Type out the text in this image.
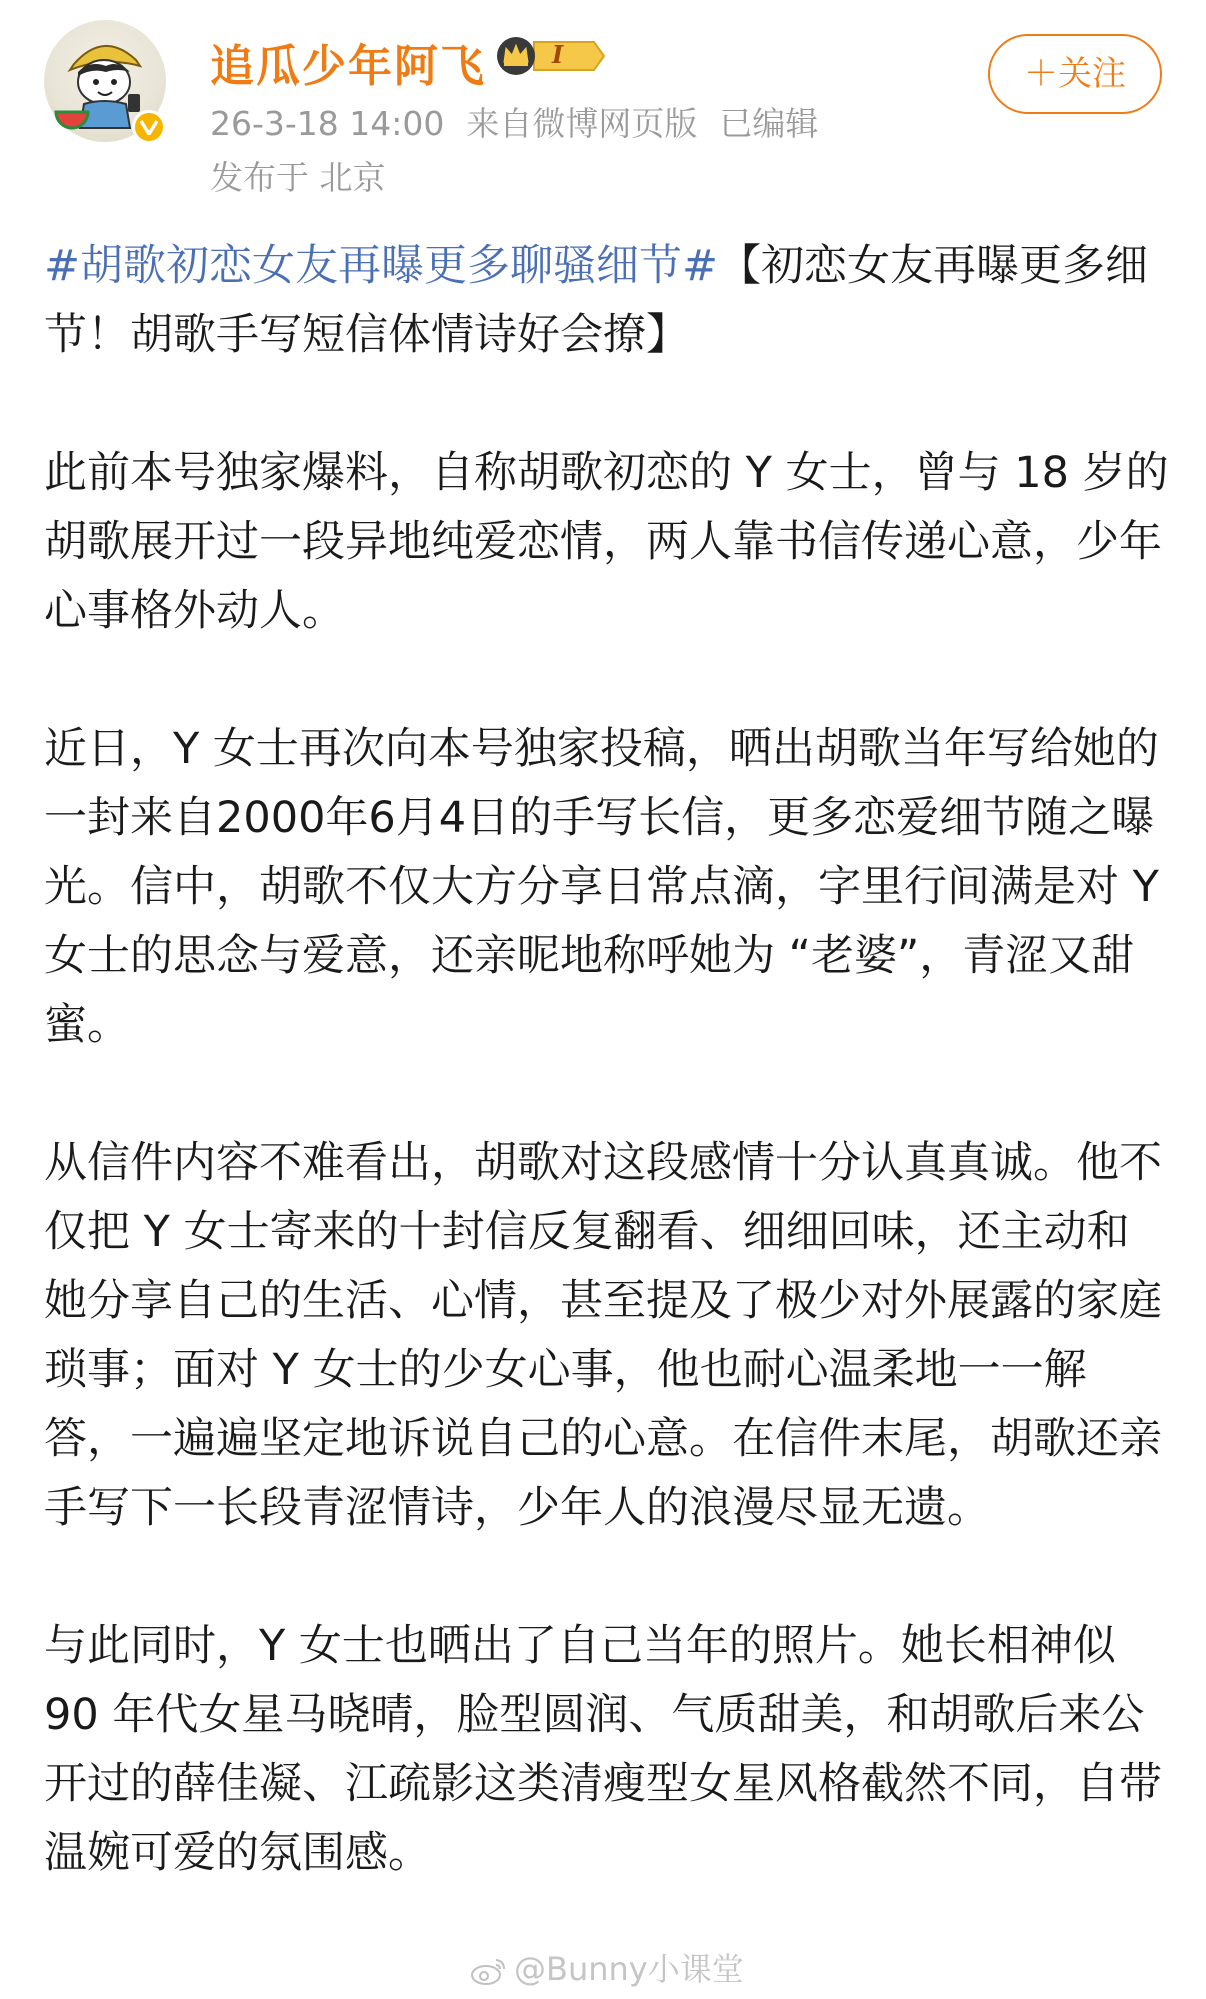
追瓜少年阿飞	I
26-3-18 14:00 来自微博网页版 已编辑
发布于 北京
＋关注

#胡歌初恋女友再曝更多聊骚细节#【初恋女友再曝更多细节！胡歌手写短信体情诗好会撩】

此前本号独家爆料，自称胡歌初恋的 Y 女士，曾与 18 岁的胡歌展开过一段异地纯爱恋情，两人靠书信传递心意，少年心事格外动人。

近日，Y 女士再次向本号独家投稿，晒出胡歌当年写给她的一封来自2000年6月4日的手写长信，更多恋爱细节随之曝光。信中，胡歌不仅大方分享日常点滴，字里行间满是对 Y 女士的思念与爱意，还亲昵地称呼她为 “老婆”，青涩又甜蜜。

从信件内容不难看出，胡歌对这段感情十分认真真诚。他不仅把 Y 女士寄来的十封信反复翻看、细细回味，还主动和她分享自己的生活、心情，甚至提及了极少对外展露的家庭琐事；面对 Y 女士的少女心事，他也耐心温柔地一一解答，一遍遍坚定地诉说自己的心意。在信件末尾，胡歌还亲手写下一长段青涩情诗，少年人的浪漫尽显无遗。

与此同时，Y 女士也晒出了自己当年的照片。她长相神似 90 年代女星马晓晴，脸型圆润、气质甜美，和胡歌后来公开过的薛佳凝、江疏影这类清瘦型女星风格截然不同，自带温婉可爱的氛围感。

@Bunny小课堂
